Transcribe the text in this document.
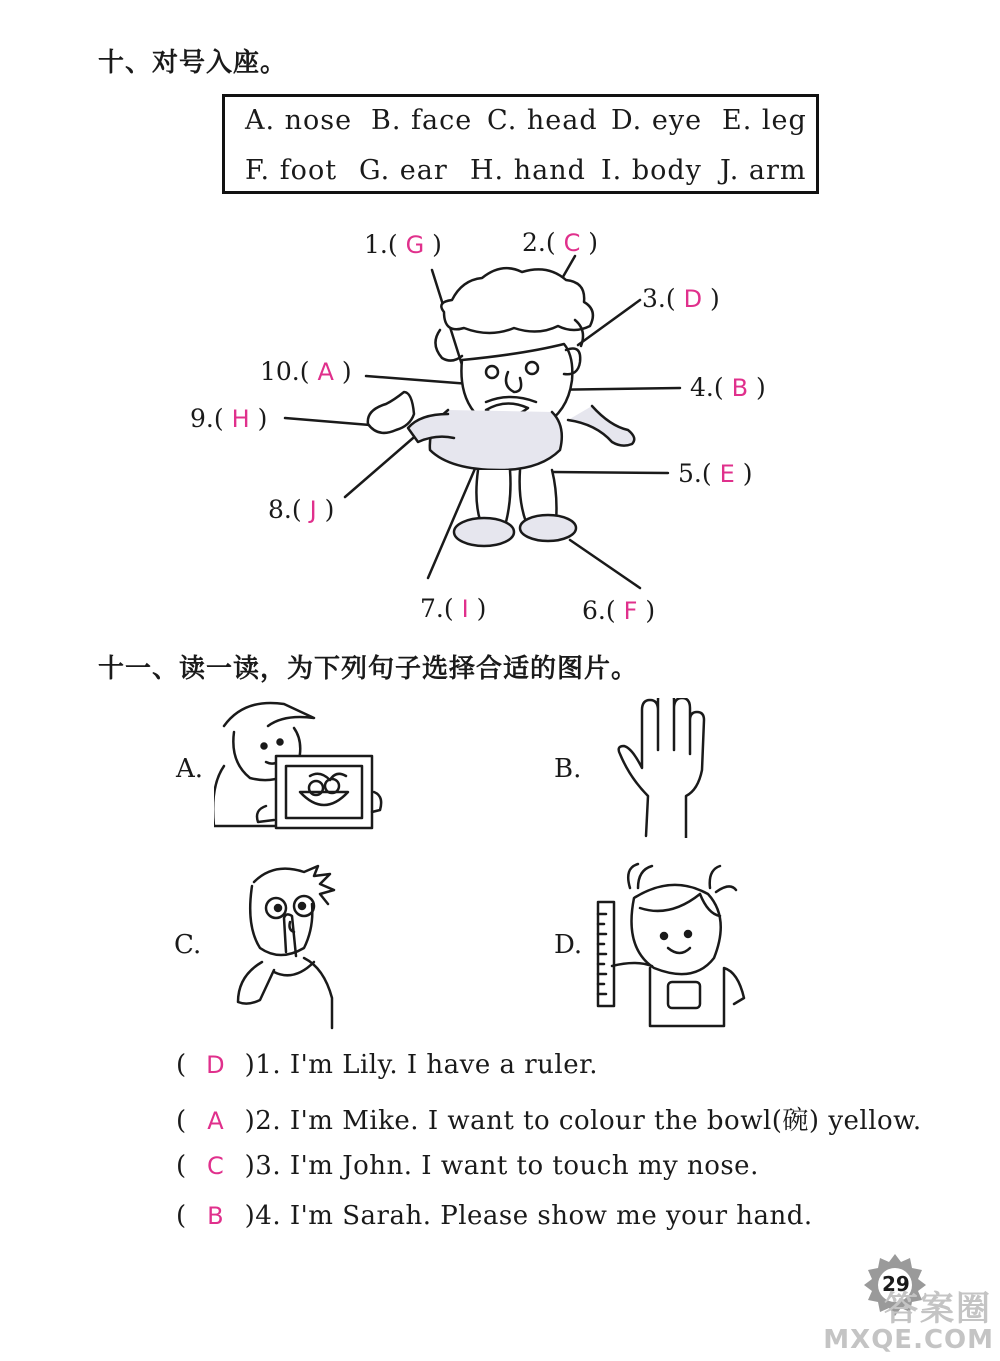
十、对号入座。
A. nose B. face C. head D. eye E. leg
F. foot G. ear H. hand I. body J. arm
1.( G )	2.( C )
3.( D )
4.( B )
5.( E )
6.( F )
7.( I )
8.( J )
9.( H )
10.( A )
十一、读一读，为下列句子选择合适的图片。
A.	B.
C.	D.
( D )1. I'm Lily. I have a ruler.
( A )2. I'm Mike. I want to colour the bowl(碗) yellow.
( C )3. I'm John. I want to touch my nose.
( B )4. I'm Sarah. Please show me your hand.
29
答案圈
MXQE.COM
